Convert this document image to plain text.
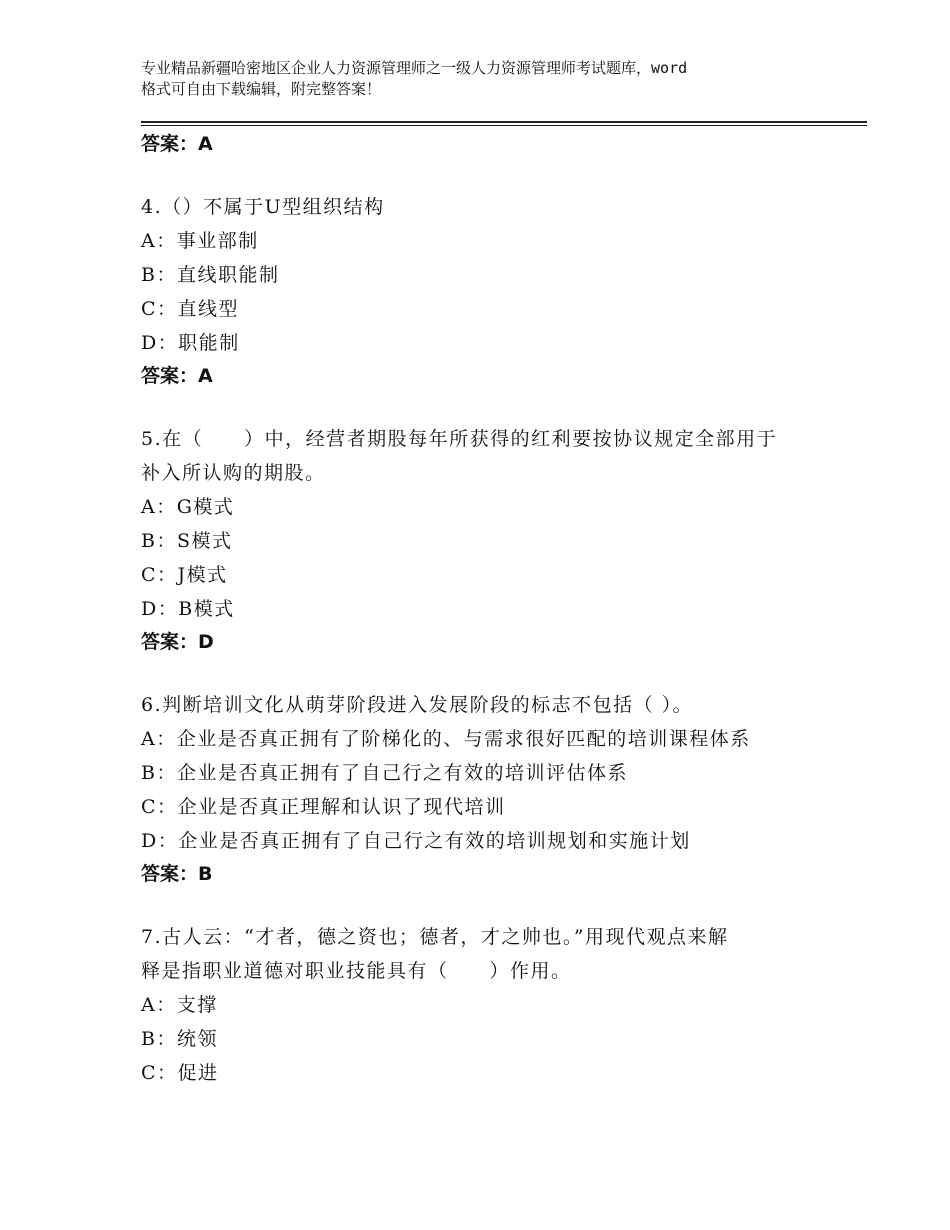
专业精品新疆哈密地区企业人力资源管理师之一级人力资源管理师考试题库，word
格式可自由下载编辑，附完整答案！
答案：A
4.（）不属于U型组织结构
A：事业部制
B：直线职能制
C：直线型
D：职能制
答案：A
5.在（　　）中，经营者期股每年所获得的红利要按协议规定全部用于
补入所认购的期股。
A：G模式
B：S模式
C：J模式
D：B模式
答案：D
6.判断培训文化从萌芽阶段进入发展阶段的标志不包括（ ）。
A：企业是否真正拥有了阶梯化的、与需求很好匹配的培训课程体系
B：企业是否真正拥有了自己行之有效的培训评估体系
C：企业是否真正理解和认识了现代培训
D：企业是否真正拥有了自己行之有效的培训规划和实施计划
答案：B
7.古人云：“才者，德之资也；德者，才之帅也。”用现代观点来解
释是指职业道德对职业技能具有（　　）作用。
A：支撑
B：统领
C：促进
